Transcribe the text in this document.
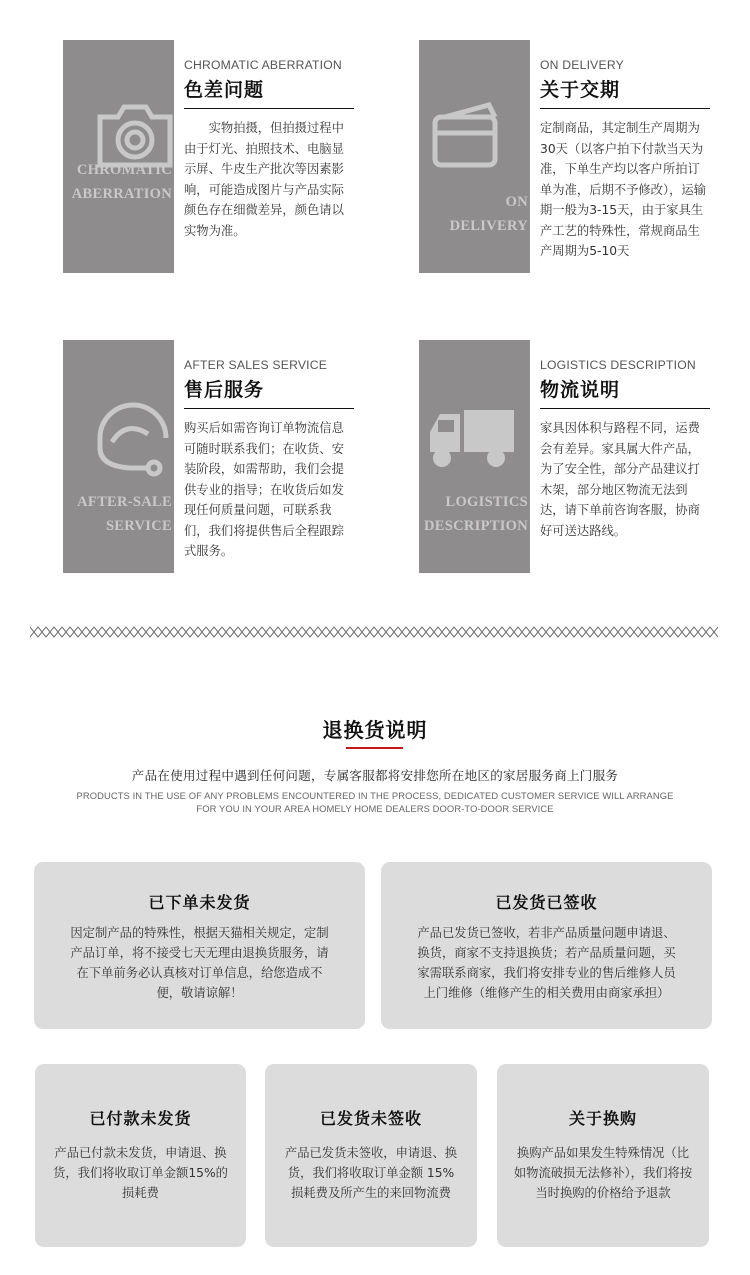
CHROMATIC
ABERRATION
CHROMATIC ABERRATION
色差问题
　　实物拍摄，但拍摄过程中由于灯光、拍照技术、电脑显示屏、牛皮生产批次等因素影响，可能造成图片与产品实际颜色存在细微差异，颜色请以实物为准。
ON
DELIVERY
ON DELIVERY
关于交期
定制商品，其定制生产周期为30天（以客户拍下付款当天为准，下单生产均以客户所拍订单为准，后期不予修改），运输期一般为3-15天，由于家具生产工艺的特殊性，常规商品生产周期为5-10天
AFTER-SALE
SERVICE
AFTER SALES SERVICE
售后服务
购买后如需咨询订单物流信息可随时联系我们；在收货、安装阶段，如需帮助，我们会提供专业的指导；在收货后如发现任何质量问题，可联系我们，我们将提供售后全程跟踪式服务。
LOGISTICS
DESCRIPTION
LOGISTICS DESCRIPTION
物流说明
家具因体积与路程不同，运费会有差异。家具属大件产品，为了安全性，部分产品建议打木架，部分地区物流无法到达，请下单前咨询客服，协商好可送达路线。
退换货说明
产品在使用过程中遇到任何问题，专属客服都将安排您所在地区的家居服务商上门服务
PRODUCTS IN THE USE OF ANY PROBLEMS ENCOUNTERED IN THE PROCESS, DEDICATED CUSTOMER SERVICE WILL ARRANGE
FOR YOU IN YOUR AREA HOMELY HOME DEALERS DOOR-TO-DOOR SERVICE
已下单未发货
因定制产品的特殊性，根据天猫相关规定，定制产品订单，将不接受七天无理由退换货服务，请在下单前务必认真核对订单信息，给您造成不便，敬请谅解！
已发货已签收
产品已发货已签收，若非产品质量问题申请退、换货，商家不支持退换货；若产品质量问题，买家需联系商家，我们将安排专业的售后维修人员上门维修（维修产生的相关费用由商家承担）
已付款未发货
产品已付款未发货，申请退、换货，我们将收取订单金额15%的损耗费
已发货未签收
产品已发货未签收，申请退、换货，我们将收取订单金额 15% 损耗费及所产生的来回物流费
关于换购
换购产品如果发生特殊情况（比如物流破损无法修补），我们将按当时换购的价格给予退款
